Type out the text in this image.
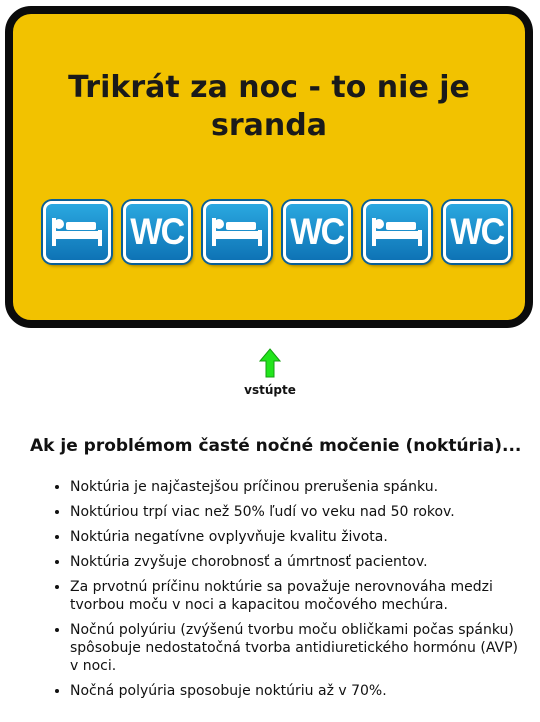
Trikrát za noc - to nie je sranda
WC	WC	WC
vstúpte
Ak je problémom časté nočné močenie (noktúria)...
• Noktúria je najčastejšou príčinou prerušenia spánku.
• Noktúriou trpí viac než 50% ľudí vo veku nad 50 rokov.
• Noktúria negatívne ovplyvňuje kvalitu života.
• Noktúria zvyšuje chorobnosť a úmrtnosť pacientov.
• Za prvotnú príčinu noktúrie sa považuje nerovnováha medzi tvorbou moču v noci a kapacitou močového mechúra.
• Nočnú polyúriu (zvýšenú tvorbu moču obličkami počas spánku) spôsobuje nedostatočná tvorba antidiuretického hormónu (AVP) v noci.
• Nočná polyúria sposobuje noktúriu až v 70%.
